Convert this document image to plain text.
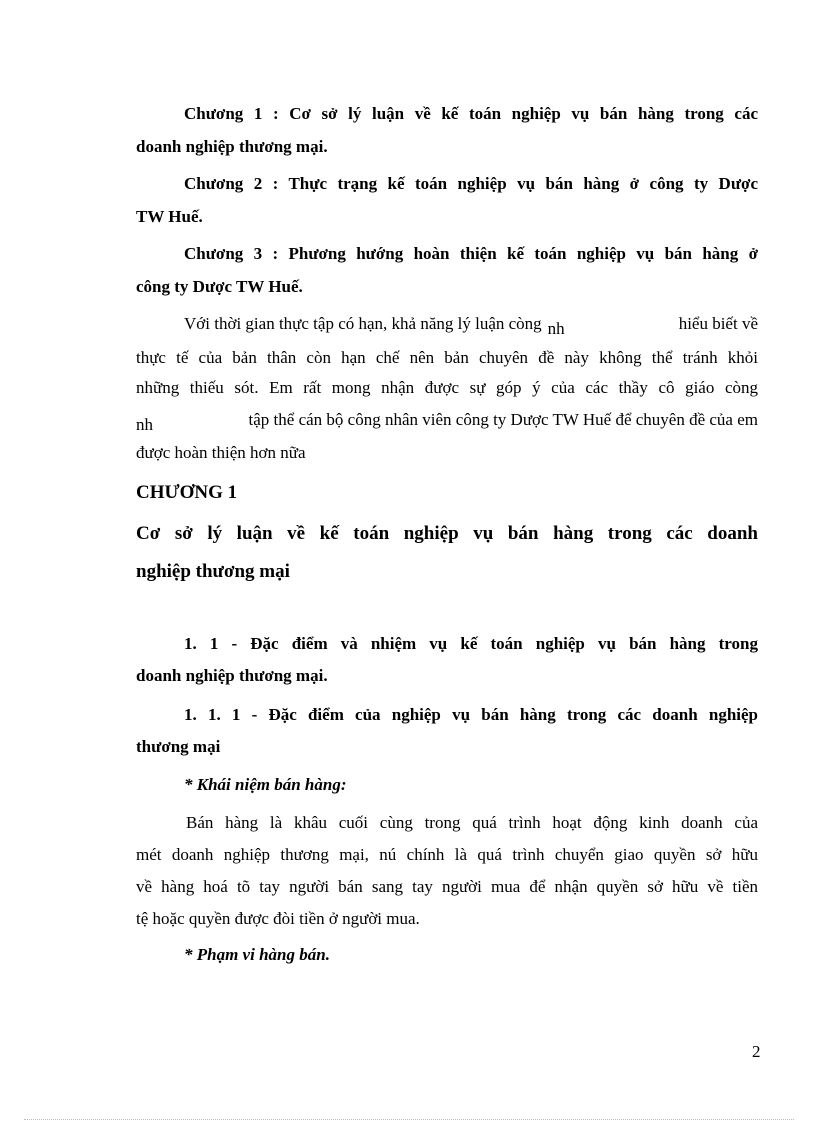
Chương 1 : Cơ sở lý luận về kế toán nghiệp vụ bán hàng trong các
doanh nghiệp thương mại.
Chương 2 : Thực trạng kế toán nghiệp vụ bán hàng ở công ty Dược
TW Huế.
Chương 3 : Phương hướng hoàn thiện kế toán nghiệp vụ bán hàng ở
công ty Dược TW Huế.
Với thời gian thực tập có hạn, khả năng lý luận còng nh	hiểu biết về
thực tế của bản thân còn hạn chế nên bản chuyên đề này không thể tránh khỏi
những thiếu sót. Em rất mong nhận được sự góp ý của các thầy cô giáo còng
nh	tập thể cán bộ công nhân viên công ty Dược TW Huế để chuyên đề của em
được hoàn thiện hơn nữa
CHƯƠNG 1
Cơ sở lý luận về kế toán nghiệp vụ bán hàng trong các doanh
nghiệp thương mại
1. 1 - Đặc điểm và nhiệm vụ kế toán nghiệp vụ bán hàng trong
doanh nghiệp thương mại.
1. 1. 1 - Đặc điểm của nghiệp vụ bán hàng trong các doanh nghiệp
thương mại
* Khái niệm bán hàng:
Bán hàng là khâu cuối cùng trong quá trình hoạt động kinh doanh của
mét doanh nghiệp thương mại, nú chính là quá trình chuyển giao quyền sở hữu
về hàng hoá tõ tay người bán sang tay người mua để nhận quyền sở hữu về tiền
tệ hoặc quyền được đòi tiền ở người mua.
* Phạm vi hàng bán.
2
